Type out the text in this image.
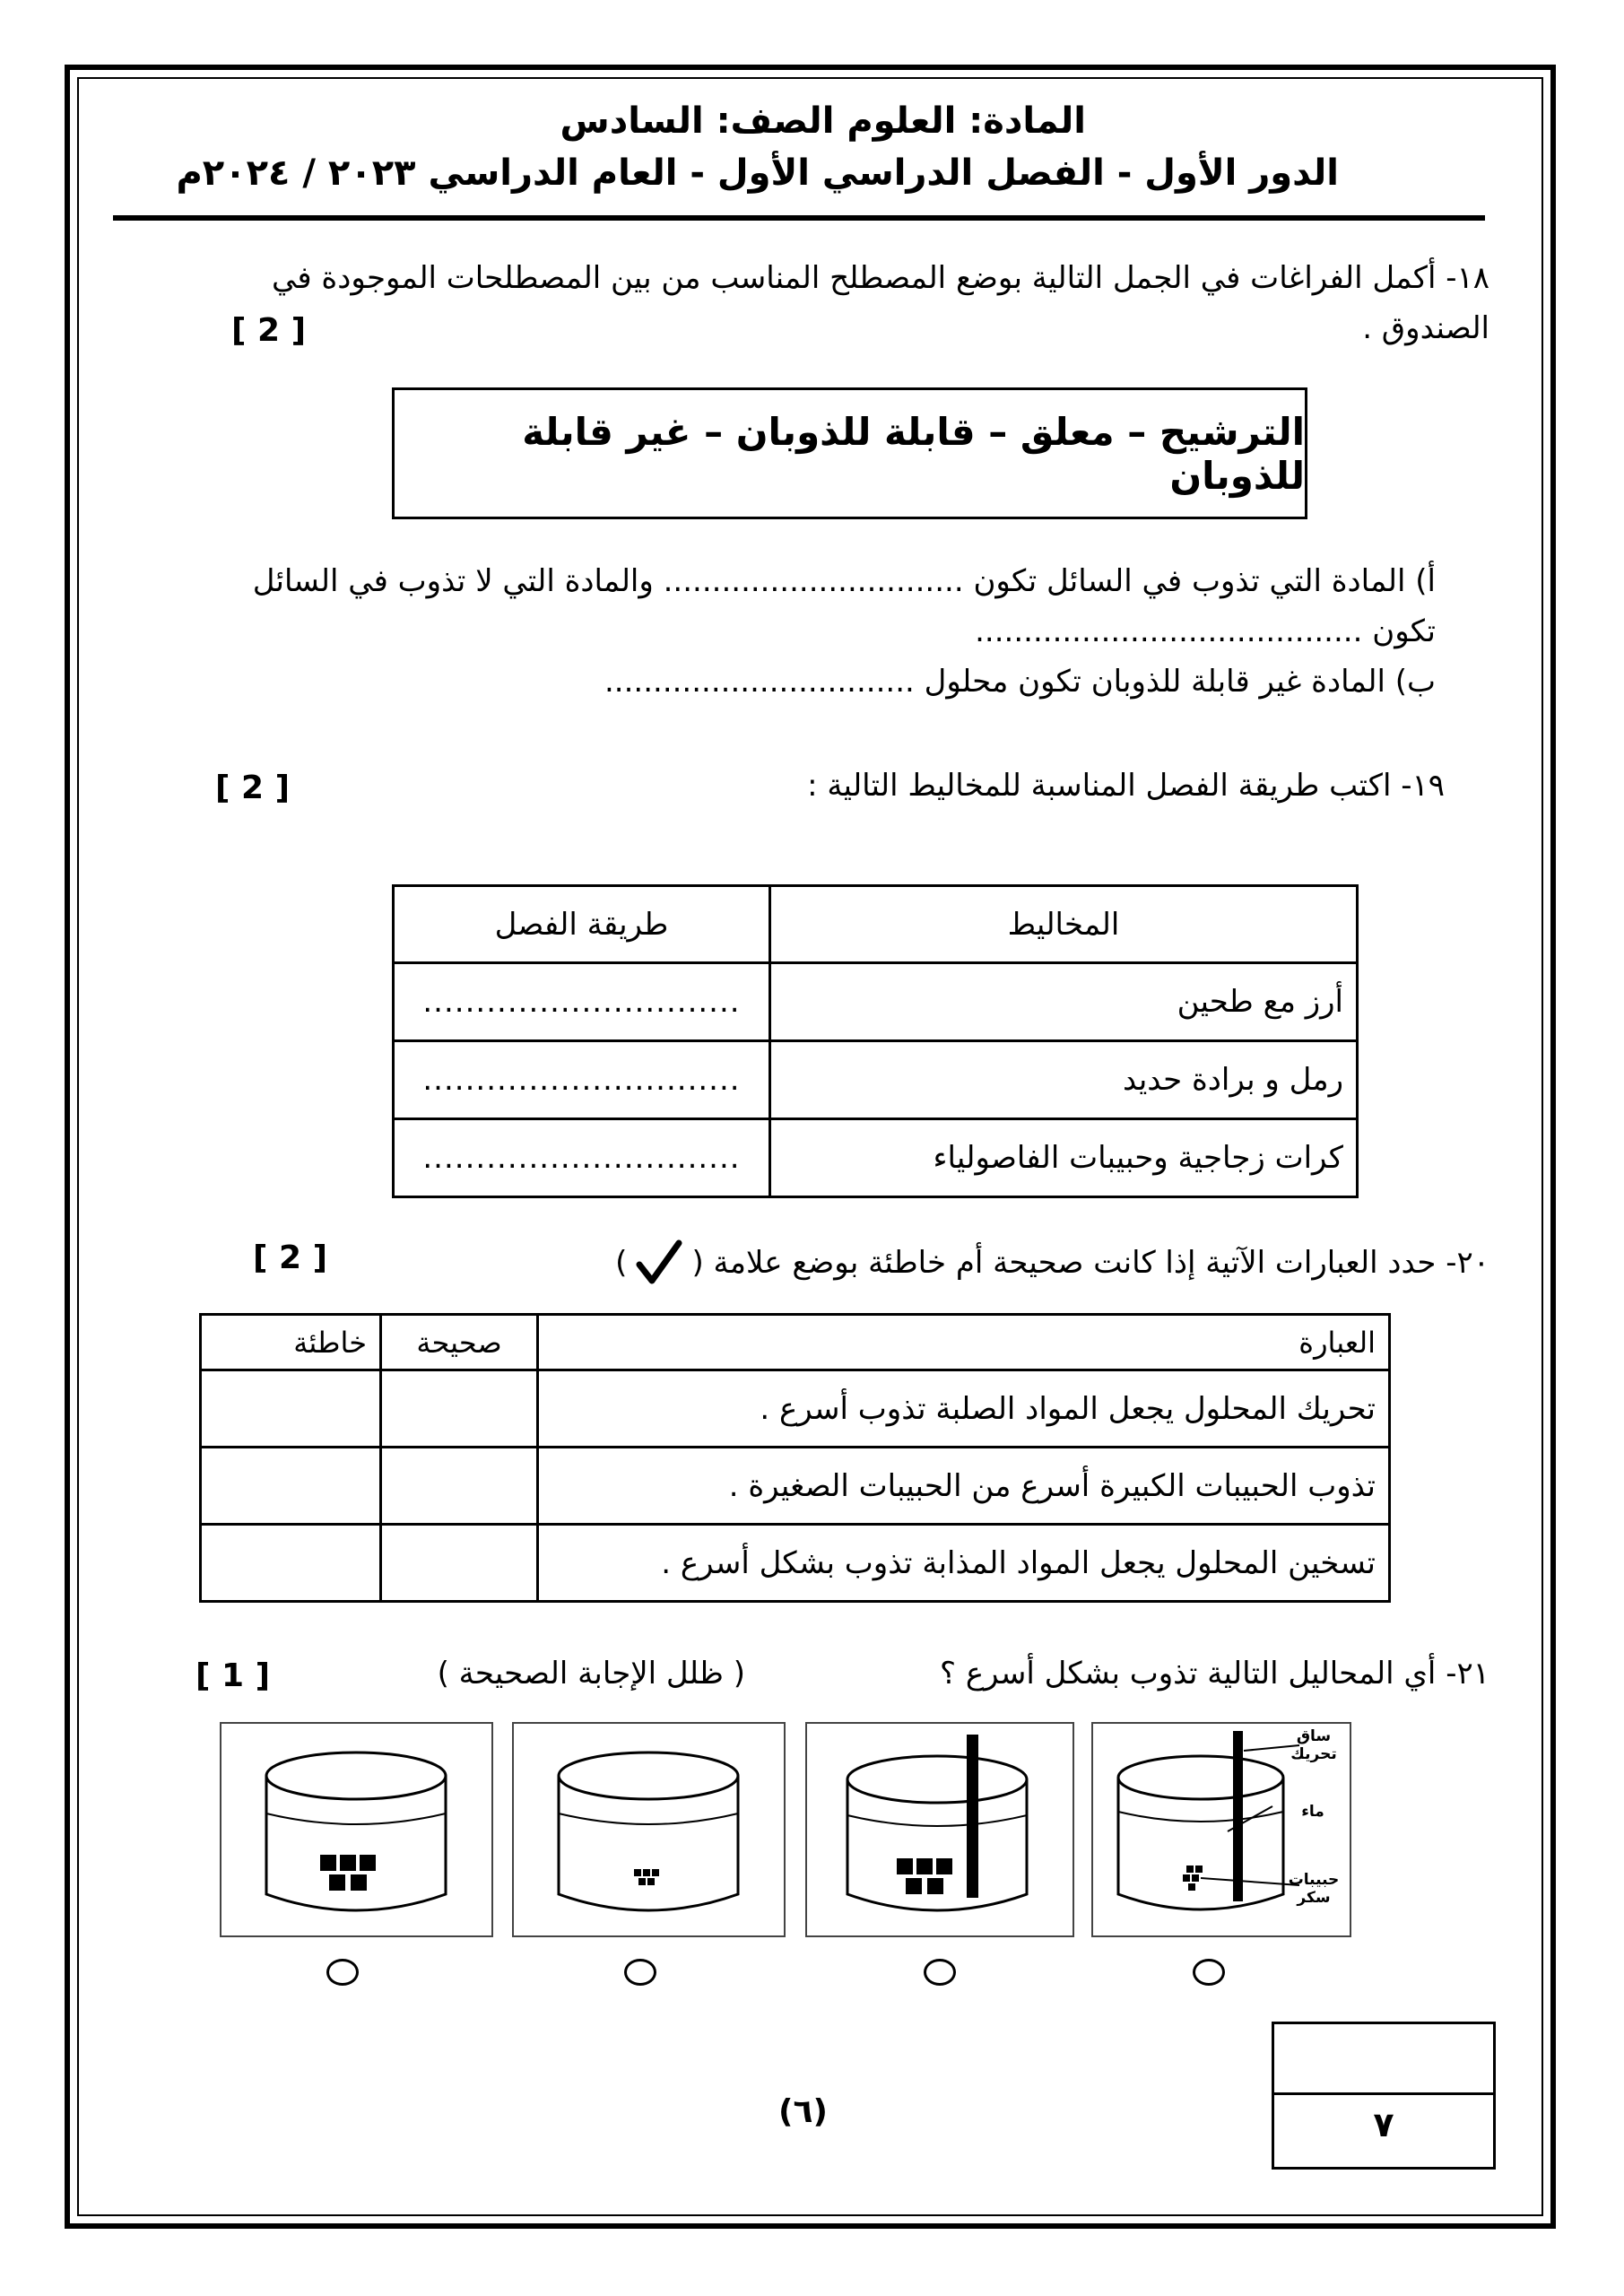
المادة: العلوم الصف: السادس
الدور الأول - الفصل الدراسي الأول - العام الدراسي ٢٠٢٣ / ٢٠٢٤م
١٨- أكمل الفراغات في الجمل التالية بوضع المصطلح المناسب من بين المصطلحات الموجودة في
الصندوق .
[ 2 ]
الترشيح – معلق – قابلة للذوبان – غير قابلة للذوبان
أ) المادة التي تذوب في السائل تكون ............................... والمادة التي لا تذوب في السائل
تكون ........................................
ب) المادة غير قابلة للذوبان تكون محلول ................................
١٩- اكتب طريقة الفصل المناسبة للمخاليط التالية :
[ 2 ]
المخاليط	طريقة الفصل
أرز مع طحين	..............................
رمل و برادة حديد	..............................
كرات زجاجية وحبيبات الفاصولياء	..............................
٢٠- حدد العبارات الآتية إذا كانت صحيحة أم خاطئة بوضع علامة (
)
[ 2 ]
العبارة	صحيحة	خاطئة
تحريك المحلول يجعل المواد الصلبة تذوب أسرع .		
تذوب الحبيبات الكبيرة أسرع من الحبيبات الصغيرة .		
تسخين المحلول يجعل المواد المذابة تذوب بشكل أسرع .		
٢١- أي المحاليل التالية تذوب بشكل أسرع ؟
( ظلل الإجابة الصحيحة )
[ 1 ]
ساق تحريك
ماء
حبيبات سكر
٧
(٦)
